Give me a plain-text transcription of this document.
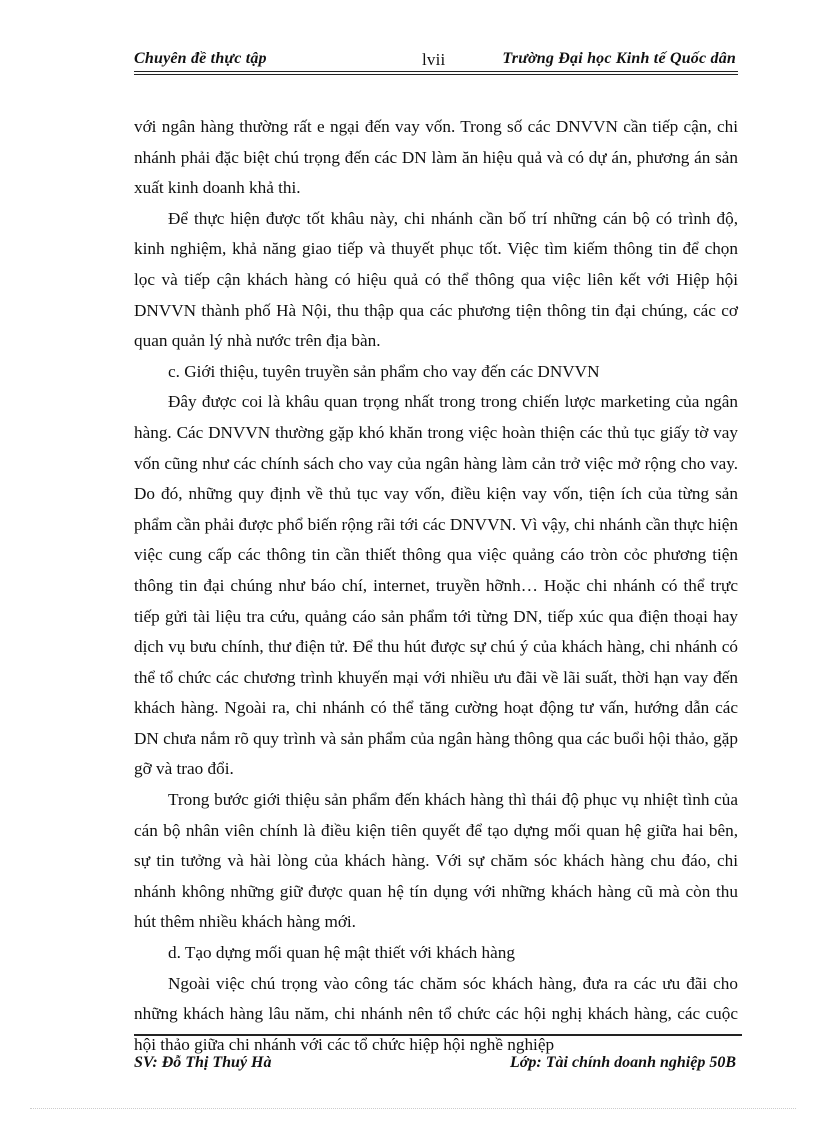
Chuyên đề thực tập	lvii	Trường Đại học Kinh tế Quốc dân

với ngân hàng thường rất e ngại đến vay vốn. Trong số các DNVVN cần tiếp cận, chi nhánh phải đặc biệt chú trọng đến các DN làm ăn hiệu quả và có dự án, phương án sản xuất kinh doanh khả thi.

Để thực hiện được tốt khâu này, chi nhánh cần bố trí những cán bộ có trình độ, kinh nghiệm, khả năng giao tiếp và thuyết phục tốt. Việc tìm kiếm thông tin để chọn lọc và tiếp cận khách hàng có hiệu quả có thể thông qua việc liên kết với Hiệp hội DNVVN thành phố Hà Nội, thu thập qua các phương tiện thông tin đại chúng, các cơ quan quản lý nhà nước trên địa bàn.

c. Giới thiệu, tuyên truyền sản phẩm cho vay đến các DNVVN

Đây được coi là khâu quan trọng nhất trong trong chiến lược marketing của ngân hàng. Các DNVVN thường gặp khó khăn trong việc hoàn thiện các thủ tục giấy tờ vay vốn cũng như các chính sách cho vay của ngân hàng làm cản trở việc mở rộng cho vay. Do đó, những quy định về thủ tục vay vốn, điều kiện vay vốn, tiện ích của từng sản phẩm cần phải được phổ biến rộng rãi tới các DNVVN. Vì vậy, chi nhánh cần thực hiện việc cung cấp các thông tin cần thiết thông qua việc quảng cáo tròn cỏc phương tiện thông tin đại chúng như báo chí, internet, truyền hỡnh… Hoặc chi nhánh có thể trực tiếp gửi tài liệu tra cứu, quảng cáo sản phẩm tới từng DN, tiếp xúc qua điện thoại hay dịch vụ bưu chính, thư điện tử. Để thu hút được sự chú ý của khách hàng, chi nhánh có thể tổ chức các chương trình khuyến mại với nhiều ưu đãi về lãi suất, thời hạn vay đến khách hàng. Ngoài ra, chi nhánh có thể tăng cường hoạt động tư vấn, hướng dẫn các DN chưa nắm rõ quy trình và sản phẩm của ngân hàng thông qua các buổi hội thảo, gặp gỡ và trao đổi.

Trong bước giới thiệu sản phẩm đến khách hàng thì thái độ phục vụ nhiệt tình của cán bộ nhân viên chính là điều kiện tiên quyết để tạo dựng mối quan hệ giữa hai bên, sự tin tưởng và hài lòng của khách hàng. Với sự chăm sóc khách hàng chu đáo, chi nhánh không những giữ được quan hệ tín dụng với những khách hàng cũ mà còn thu hút thêm nhiều khách hàng mới.

d. Tạo dựng mối quan hệ mật thiết với khách hàng

Ngoài việc chú trọng vào công tác chăm sóc khách hàng, đưa ra các ưu đãi cho những khách hàng lâu năm, chi nhánh nên tổ chức các hội nghị khách hàng, các cuộc hội thảo giữa chi nhánh với các tổ chức hiệp hội nghề nghiệp

SV: Đỗ Thị Thuý Hà	Lớp: Tài chính doanh nghiệp 50B
